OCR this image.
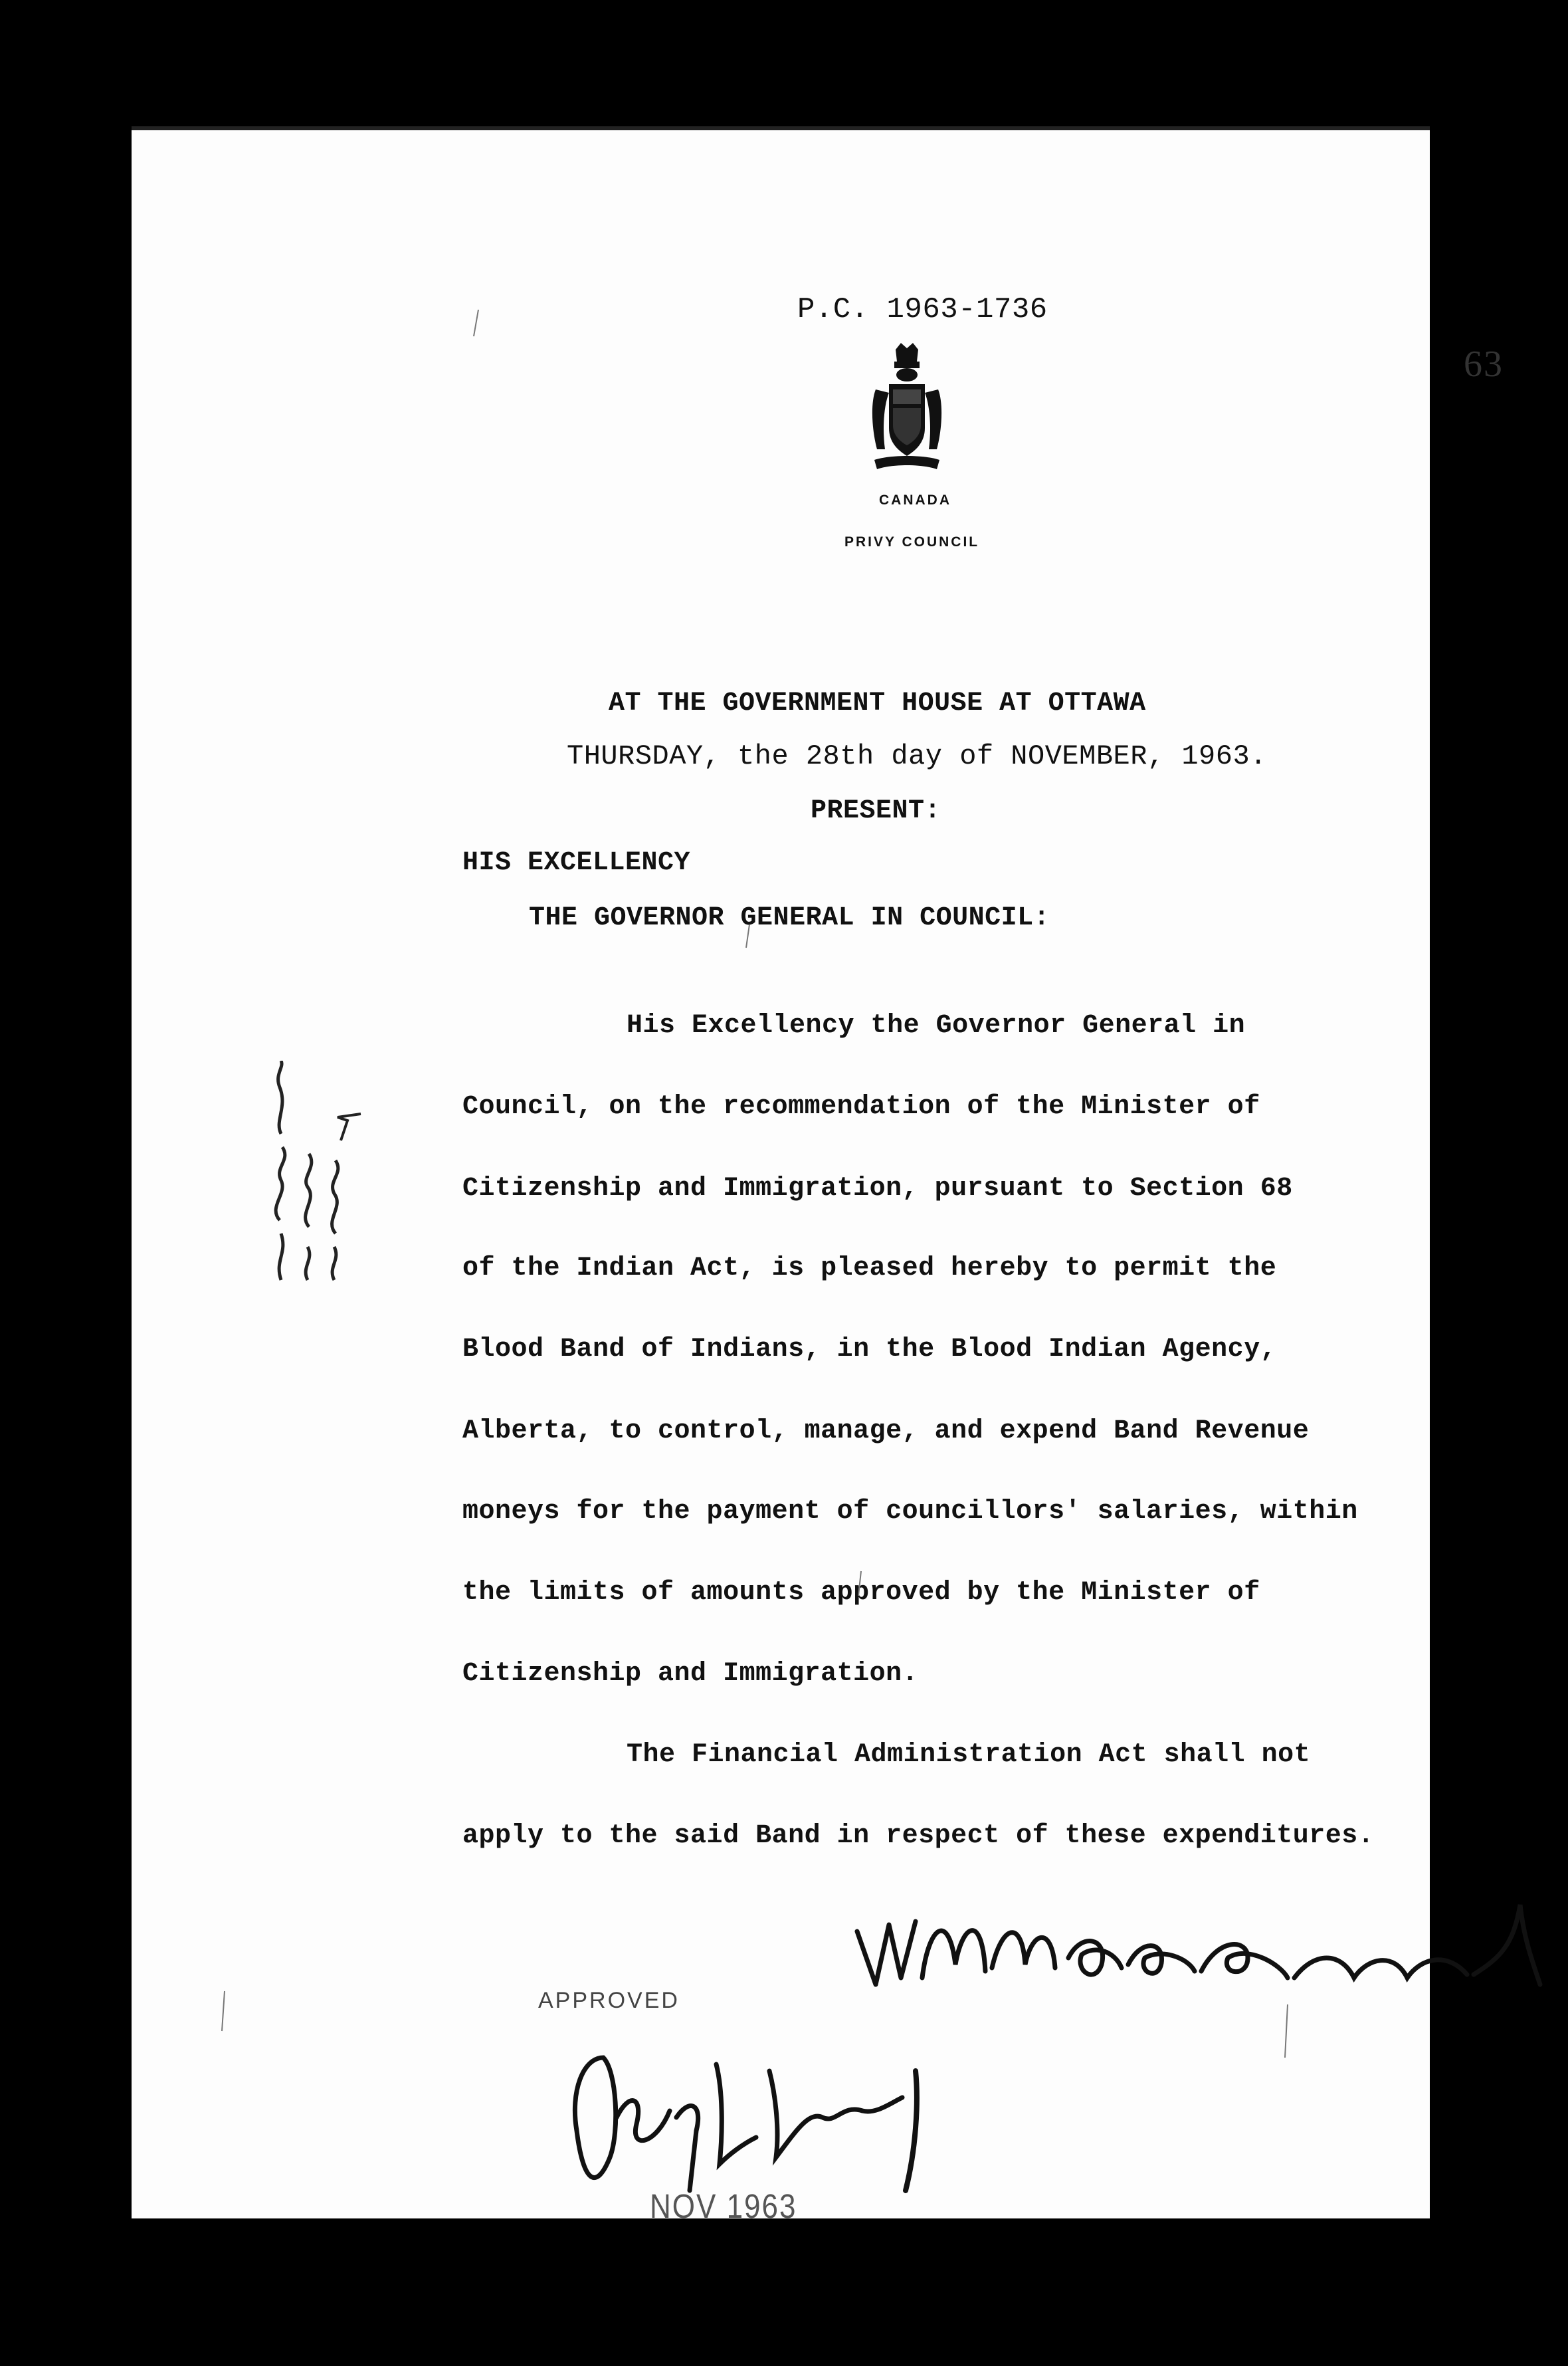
P.C. 1963-1736
63
CANADA
PRIVY COUNCIL
AT THE GOVERNMENT HOUSE AT OTTAWA
THURSDAY, the 28th day of NOVEMBER, 1963.
PRESENT:
HIS EXCELLENCY
THE GOVERNOR GENERAL IN COUNCIL:
His Excellency the Governor General in
Council, on the recommendation of the Minister of
Citizenship and Immigration, pursuant to Section 68
of the Indian Act, is pleased hereby to permit the
Blood Band of Indians, in the Blood Indian Agency,
Alberta, to control, manage, and expend Band Revenue
moneys for the payment of councillors' salaries, within
the limits of amounts approved by the Minister of
Citizenship and Immigration.
The Financial Administration Act shall not
apply to the said Band in respect of these expenditures.
APPROVED
NOV 1963
